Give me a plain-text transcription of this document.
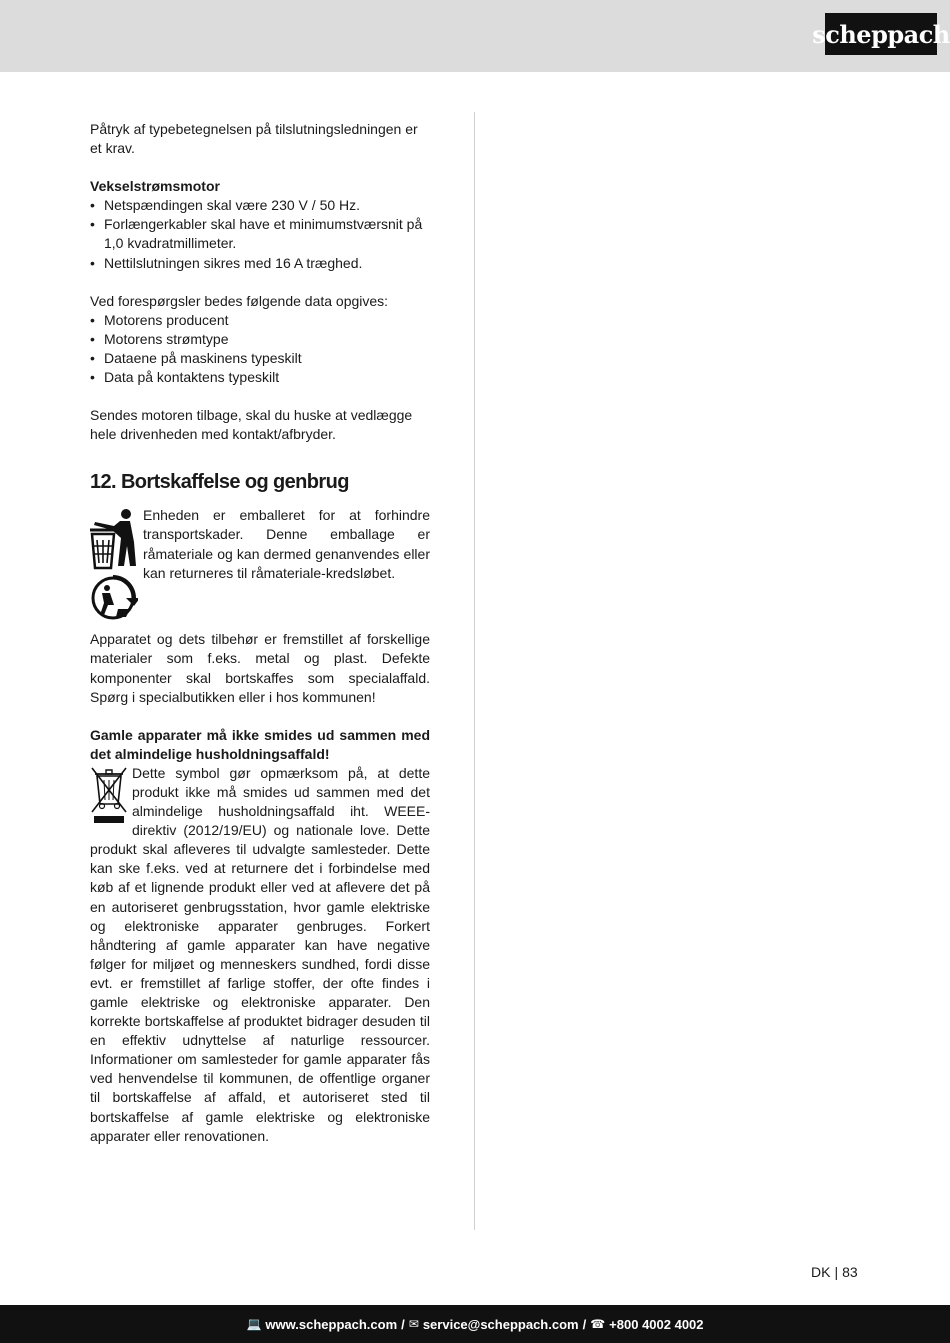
scheppach

Påtryk af typebetegnelsen på tilslutningsledningen er et krav.

Vekselstrømsmotor

• Netspændingen skal være 230 V / 50 Hz.
• Forlængerkabler skal have et minimumstværsnit på 1,0 kvadratmillimeter.
• Nettilslutningen sikres med 16 A træghed.

Ved forespørgsler bedes følgende data opgives:

• Motorens producent
• Motorens strømtype
• Dataene på maskinens typeskilt
• Data på kontaktens typeskilt

Sendes motoren tilbage, skal du huske at vedlægge hele drivenheden med kontakt/afbryder.

12. Bortskaffelse og genbrug

Enheden er emballeret for at forhindre transportskader. Denne emballage er råmateriale og kan dermed genanvendes eller kan returneres til råmateriale-kredsløbet.

Apparatet og dets tilbehør er fremstillet af forskellige materialer som f.eks. metal og plast. Defekte komponenter skal bortskaffes som specialaffald. Spørg i specialbutikken eller i hos kommunen!

Gamle apparater må ikke smides ud sammen med det almindelige husholdningsaffald!

Dette symbol gør opmærksom på, at dette produkt ikke må smides ud sammen med det almindelige husholdningsaffald iht. WEEE-direktiv (2012/19/EU) og nationale love. Dette produkt skal afleveres til udvalgte samlesteder. Dette kan ske f.eks. ved at returnere det i forbindelse med køb af et lignende produkt eller ved at aflevere det på en autoriseret genbrugsstation, hvor gamle elektriske og elektroniske apparater genbruges. Forkert håndtering af gamle apparater kan have negative følger for miljøet og menneskers sundhed, fordi disse evt. er fremstillet af farlige stoffer, der ofte findes i gamle elektriske og elektroniske apparater. Den korrekte bortskaffelse af produktet bidrager desuden til en effektiv udnyttelse af naturlige ressourcer. Informationer om samlesteder for gamle apparater fås ved henvendelse til kommunen, de offentlige organer til bortskaffelse af affald, et autoriseret sted til bortskaffelse af gamle elektriske og elektroniske apparater eller renovationen.

DK | 83
💻 www.scheppach.com / ✉ service@scheppach.com / ☎ +800 4002 4002
